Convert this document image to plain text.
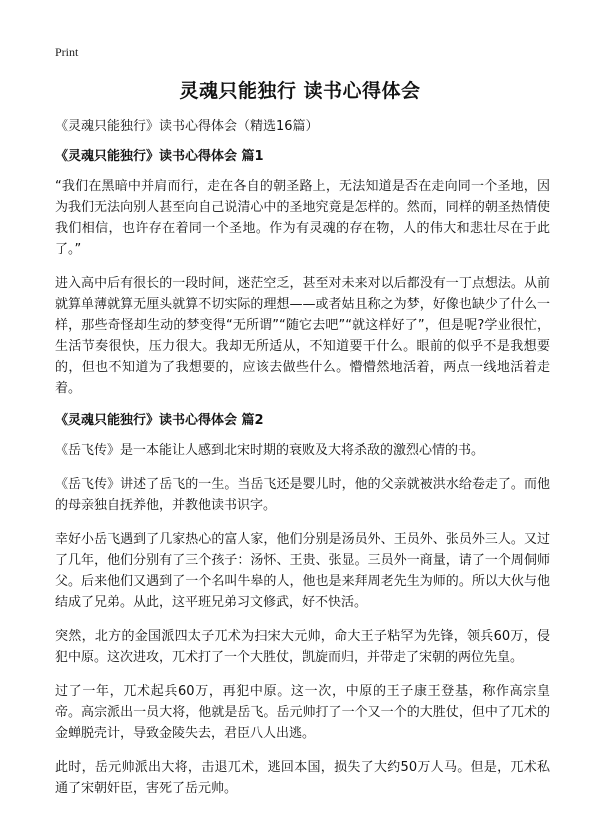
Print
灵魂只能独行 读书心得体会

《灵魂只能独行》读书心得体会（精选16篇）

《灵魂只能独行》读书心得体会 篇1

“我们在黑暗中并肩而行，走在各自的朝圣路上，无法知道是否在走向同一个圣地，因为我们无法向别人甚至向自己说清心中的圣地究竟是怎样的。然而，同样的朝圣热情使我们相信，也许存在着同一个圣地。作为有灵魂的存在物，人的伟大和悲壮尽在于此了。”

进入高中后有很长的一段时间，迷茫空乏，甚至对未来对以后都没有一丁点想法。从前就算单薄就算无厘头就算不切实际的理想——或者姑且称之为梦，好像也缺少了什么一样，那些奇怪却生动的梦变得“无所谓”“随它去吧”“就这样好了”，但是呢?学业很忙，生活节奏很快，压力很大。我却无所适从，不知道要干什么。眼前的似乎不是我想要的，但也不知道为了我想要的，应该去做些什么。懵懵然地活着，两点一线地活着走着。

《灵魂只能独行》读书心得体会 篇2

《岳飞传》是一本能让人感到北宋时期的衰败及大将杀敌的激烈心情的书。

《岳飞传》讲述了岳飞的一生。当岳飞还是婴儿时，他的父亲就被洪水给卷走了。而他的母亲独自抚养他，并教他读书识字。

幸好小岳飞遇到了几家热心的富人家，他们分别是汤员外、王员外、张员外三人。又过了几年，他们分别有了三个孩子：汤怀、王贵、张显。三员外一商量，请了一个周侗师父。后来他们又遇到了一个名叫牛皋的人，他也是来拜周老先生为师的。所以大伙与他结成了兄弟。从此，这平班兄弟习文修武，好不快活。

突然，北方的金国派四太子兀术为扫宋大元帅，命大王子粘罕为先锋，领兵60万，侵犯中原。这次进攻，兀术打了一个大胜仗，凯旋而归，并带走了宋朝的两位先皇。

过了一年，兀术起兵60万，再犯中原。这一次，中原的王子康王登基，称作高宗皇帝。高宗派出一员大将，他就是岳飞。岳元帅打了一个又一个的大胜仗，但中了兀术的金蝉脱壳计，导致金陵失去，君臣八人出逃。

此时，岳元帅派出大将，击退兀术，逃回本国，损失了大约50万人马。但是，兀术私通了宋朝奸臣，害死了岳元帅。
